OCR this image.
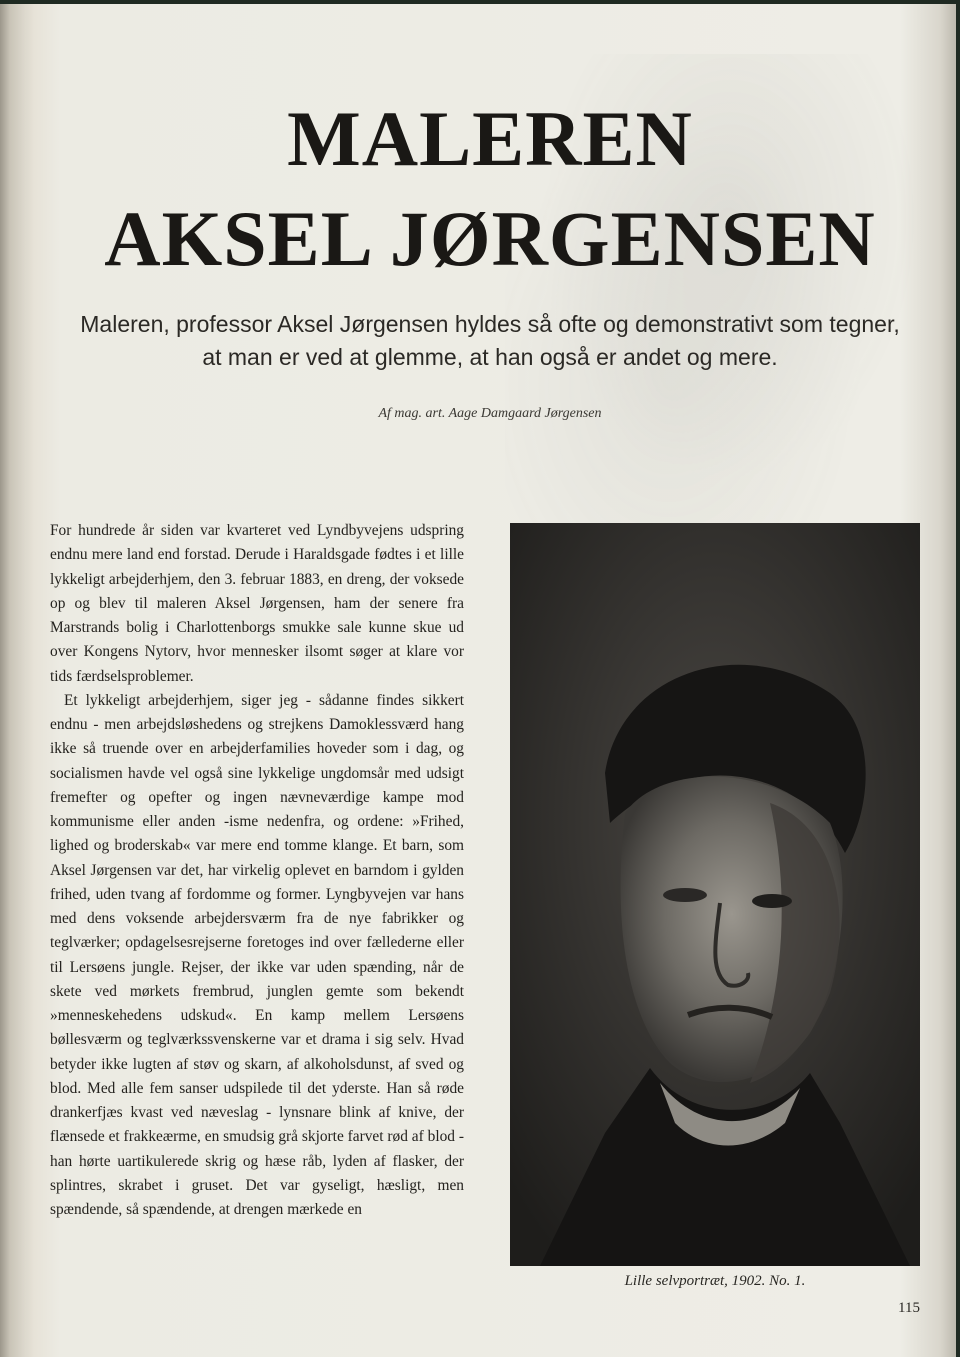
MALEREN
AKSEL JØRGENSEN
Maleren, professor Aksel Jørgensen hyldes så ofte og demonstrativt som tegner,
at man er ved at glemme, at han også er andet og mere.
Af mag. art. Aage Damgaard Jørgensen

For hundrede år siden var kvarteret ved Lyndbyvejens udspring endnu mere land end forstad. Derude i Haraldsgade fødtes i et lille lykkeligt arbejderhjem, den 3. februar 1883, en dreng, der voksede op og blev til maleren Aksel Jørgensen, ham der senere fra Marstrands bolig i Charlottenborgs smukke sale kunne skue ud over Kongens Nytorv, hvor mennesker ilsomt søger at klare vor tids færdselsproblemer.

Et lykkeligt arbejderhjem, siger jeg - sådanne findes sikkert endnu - men arbejdsløshedens og strejkens Damoklessværd hang ikke så truende over en arbejderfamilies hoveder som i dag, og socialismen havde vel også sine lykkelige ungdomsår med udsigt fremefter og opefter og ingen nævneværdige kampe mod kommunisme eller anden -isme nedenfra, og ordene: »Frihed, lighed og broderskab« var mere end tomme klange. Et barn, som Aksel Jørgensen var det, har virkelig oplevet en barndom i gylden frihed, uden tvang af fordomme og former. Lyngbyvejen var hans med dens voksende arbejdersværm fra de nye fabrikker og teglværker; opdagelsesrejserne foretoges ind over fællederne eller til Lersøens jungle. Rejser, der ikke var uden spænding, når de skete ved mørkets frembrud, junglen gemte som bekendt »menneskehedens udskud«. En kamp mellem Lersøens bøllesværm og teglværkssvenskerne var et drama i sig selv. Hvad betyder ikke lugten af støv og skarn, af alkoholsdunst, af sved og blod. Med alle fem sanser udspilede til det yderste. Han så røde drankerfjæs kvast ved næveslag - lynsnare blink af knive, der flænsede et frakkeærme, en smudsig grå skjorte farvet rød af blod - han hørte uartikulerede skrig og hæse råb, lyden af flasker, der splintres, skrabet i gruset. Det var gyseligt, hæsligt, men spændende, så spændende, at drengen mærkede en

Lille selvportræt, 1902. No. 1.
115
